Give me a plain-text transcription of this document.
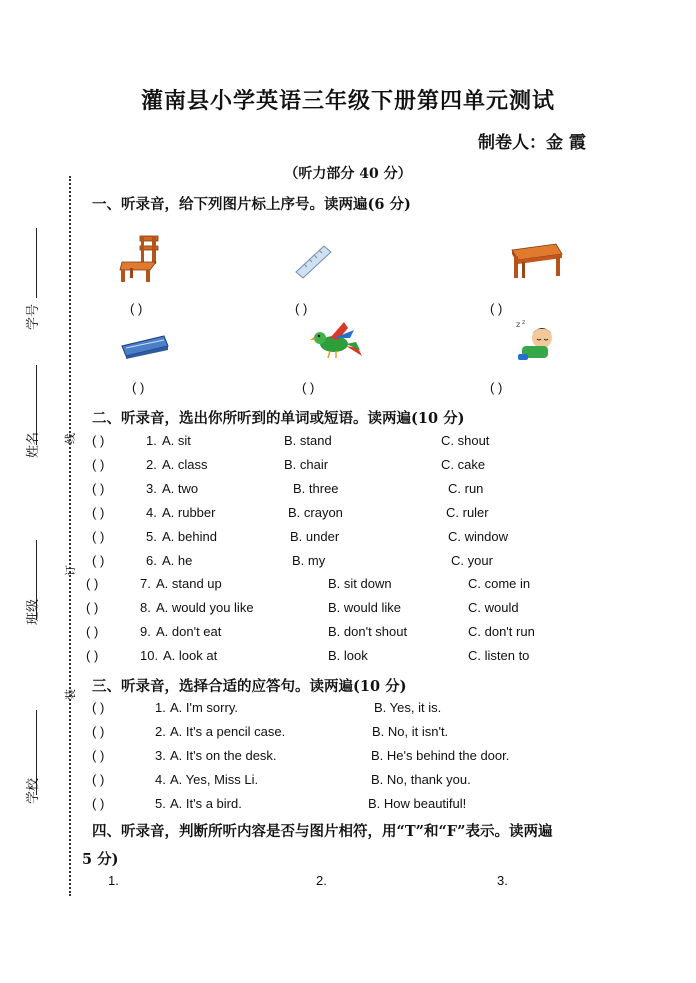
学号
姓名
班级
学校
线
订
装
灌南县小学英语三年级下册第四单元测试
制卷人：金 霞
（听力部分 40 分）
一、听录音，给下列图片标上序号。读两遍(6 分)
( )	( )	( )
z z
( )	( )	( )
二、听录音，选出你所听到的单词或短语。读两遍(10 分)
( )	1. A. sit	B. stand	C. shout
( )	2. A. class	B. chair	C. cake
( )	3. A. two	B. three	C. run
( )	4. A. rubber	B. crayon	C. ruler
( )	5. A. behind	B. under	C. window
( )	6. A. he	B. my	C. your
( )	7. A. stand up	B. sit down	C. come in
( )	8. A. would you like	B. would like	C. would
( )	9. A. don't eat	B. don't shout	C. don't run
( )	10. A. look at	B. look	C. listen to
三、听录音，选择合适的应答句。读两遍(10 分)
( )	1. A. I'm sorry.	B. Yes, it is.
( )	2. A. It's a pencil case.	B. No, it isn't.
( )	3. A. It's on the desk.	B. He's behind the door.
( )	4. A. Yes, Miss Li.	B. No, thank you.
( )	5. A. It's a bird.	B. How beautiful!
四、听录音，判断所听内容是否与图片相符，用“T”和“F”表示。读两遍
5 分)
1.	2.	3.
